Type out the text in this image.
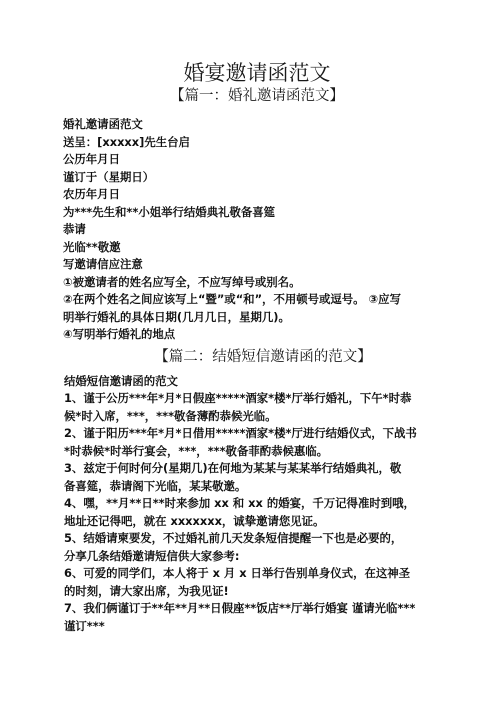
婚宴邀请函范文
【篇一：婚礼邀请函范文】

婚礼邀请函范文

送呈：[xxxxx]先生台启

公历年月日

谨订于（星期日）

农历年月日

为***先生和**小姐举行结婚典礼敬备喜筵

恭请

光临**敬邀

写邀请信应注意

①被邀请者的姓名应写全，不应写绰号或别名。

②在两个姓名之间应该写上“暨”或“和”，不用顿号或逗号。 ③应写

明举行婚礼的具体日期(几月几日，星期几)。

④写明举行婚礼的地点

【篇二：结婚短信邀请函的范文】

结婚短信邀请函的范文

1、谨于公历***年*月*日假座*****酒家*楼*厅举行婚礼，下午*时恭

候*时入席，***，***敬备薄酌恭候光临。

2、谨于阳历***年*月*日借用*****酒家*楼*厅进行结婚仪式，下战书

*时恭候*时举行宴会，***，***敬备菲酌恭候惠临。

3、兹定于何时何分(星期几)在何地为某某与某某举行结婚典礼，敬

备喜筵，恭请阁下光临，某某敬邀。

4、嘿，**月**日**时来参加 xx 和 xx 的婚宴，千万记得准时到哦，

地址还记得吧，就在 xxxxxxx，诚挚邀请您见证。

5、结婚请柬要发，不过婚礼前几天发条短信提醒一下也是必要的，

分享几条结婚邀请短信供大家参考:

6、可爱的同学们，本人将于 x 月 x 日举行告别单身仪式，在这神圣

的时刻，请大家出席，为我见证!

7、我们俩谨订于**年**月**日假座**饭店**厅举行婚宴 谨请光临***

谨订***
